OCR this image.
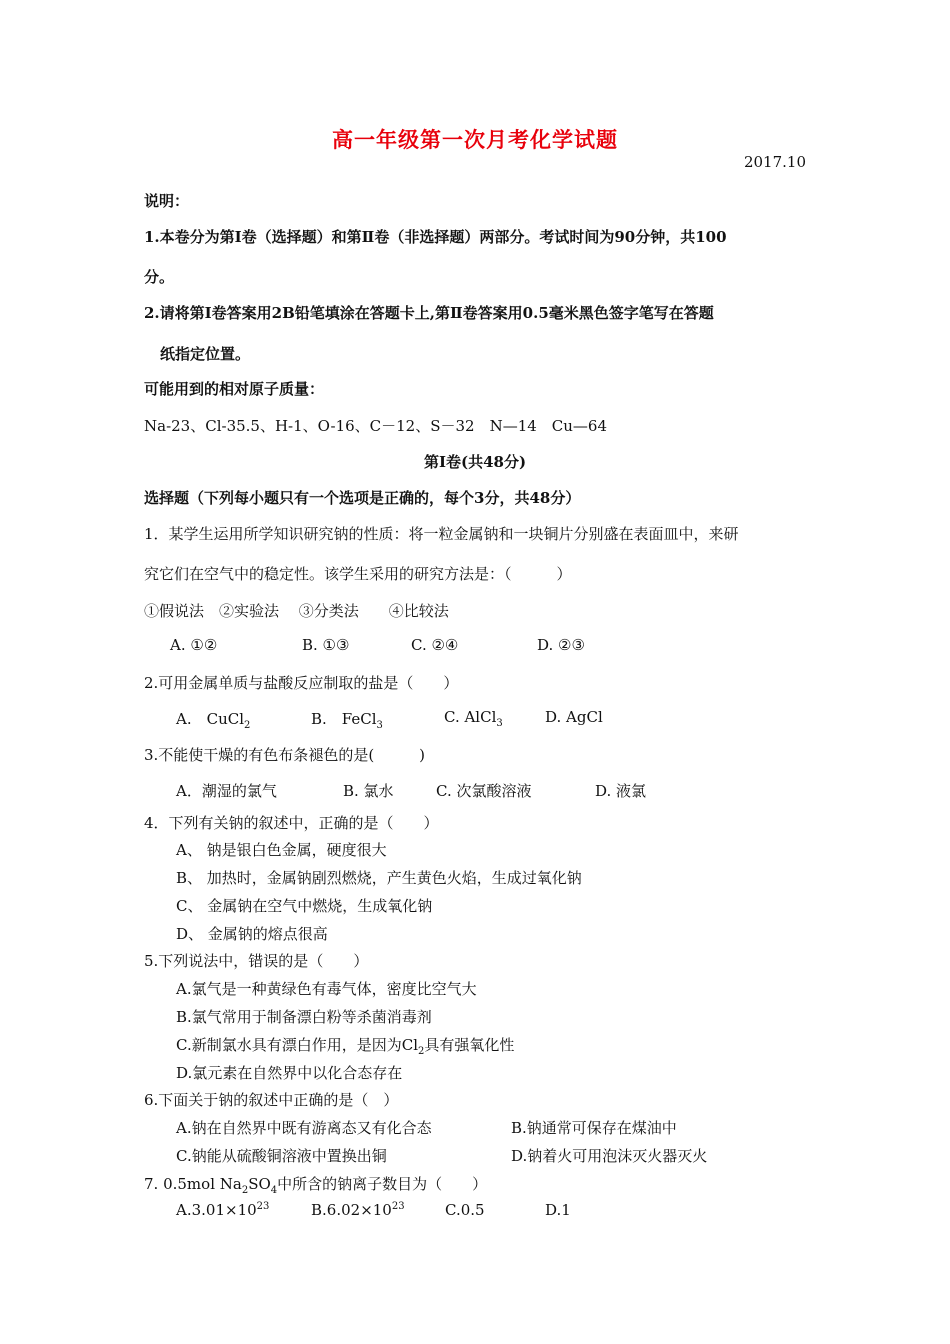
高一年级第一次月考化学试题
2017.10
说明：
1.本卷分为第Ⅰ卷（选择题）和第Ⅱ卷（非选择题）两部分。考试时间为90分钟，共100
分。
2.请将第Ⅰ卷答案用2B铅笔填涂在答题卡上,第Ⅱ卷答案用0.5毫米黑色签字笔写在答题
纸指定位置。
可能用到的相对原子质量：
Na-23、Cl-35.5、H-1、O-16、C－12、S－32　N—14　Cu—64
第Ⅰ卷(共48分)
选择题（下列每小题只有一个选项是正确的，每个3分，共48分）
1．某学生运用所学知识研究钠的性质：将一粒金属钠和一块铜片分别盛在表面皿中，来研
究它们在空气中的稳定性。该学生采用的研究方法是：（　　　）
①假说法　②实验法　 ③分类法　　④比较法
A. ①②	B. ①③	C. ②④	D. ②③
2.可用金属单质与盐酸反应制取的盐是（　　）
A.　CuCl$_2$	B.　FeCl$_3$	C. AlCl$_3$	D. AgCl
3.不能使干燥的有色布条褪色的是(　　　)
A．潮湿的氯气	B. 氯水	C. 次氯酸溶液	D. 液氯
4．下列有关钠的叙述中，正确的是（　　）
A、 钠是银白色金属，硬度很大
B、 加热时，金属钠剧烈燃烧，产生黄色火焰，生成过氧化钠
C、 金属钠在空气中燃烧，生成氧化钠
D、 金属钠的熔点很高
5.下列说法中，错误的是（　　）
A.氯气是一种黄绿色有毒气体，密度比空气大
B.氯气常用于制备漂白粉等杀菌消毒剂
C.新制氯水具有漂白作用，是因为$Cl_2$具有强氧化性
D.氯元素在自然界中以化合态存在
6.下面关于钠的叙述中正确的是（　）
A.钠在自然界中既有游离态又有化合态	B.钠通常可保存在煤油中
C.钠能从硫酸铜溶液中置换出铜	D.钠着火可用泡沫灭火器灭火
7. 0.5mol $Na_2SO_4$中所含的钠离子数目为（　　）
$A.3.01\times 10^{23}$	$B.6.02\times 10^{23}$	C.0.5	D.1
